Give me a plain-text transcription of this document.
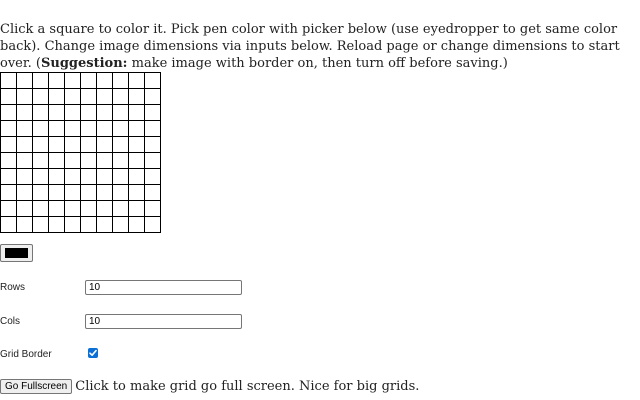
Click a square to color it. Pick pen color with picker below (use eyedropper to get same color back). Change image dimensions via inputs below. Reload page or change dimensions to start over. (Suggestion: make image with border on, then turn off before saving.)

Rows
10
Cols
10
Grid Border
Go Fullscreen Click to make grid go full screen. Nice for big grids.
